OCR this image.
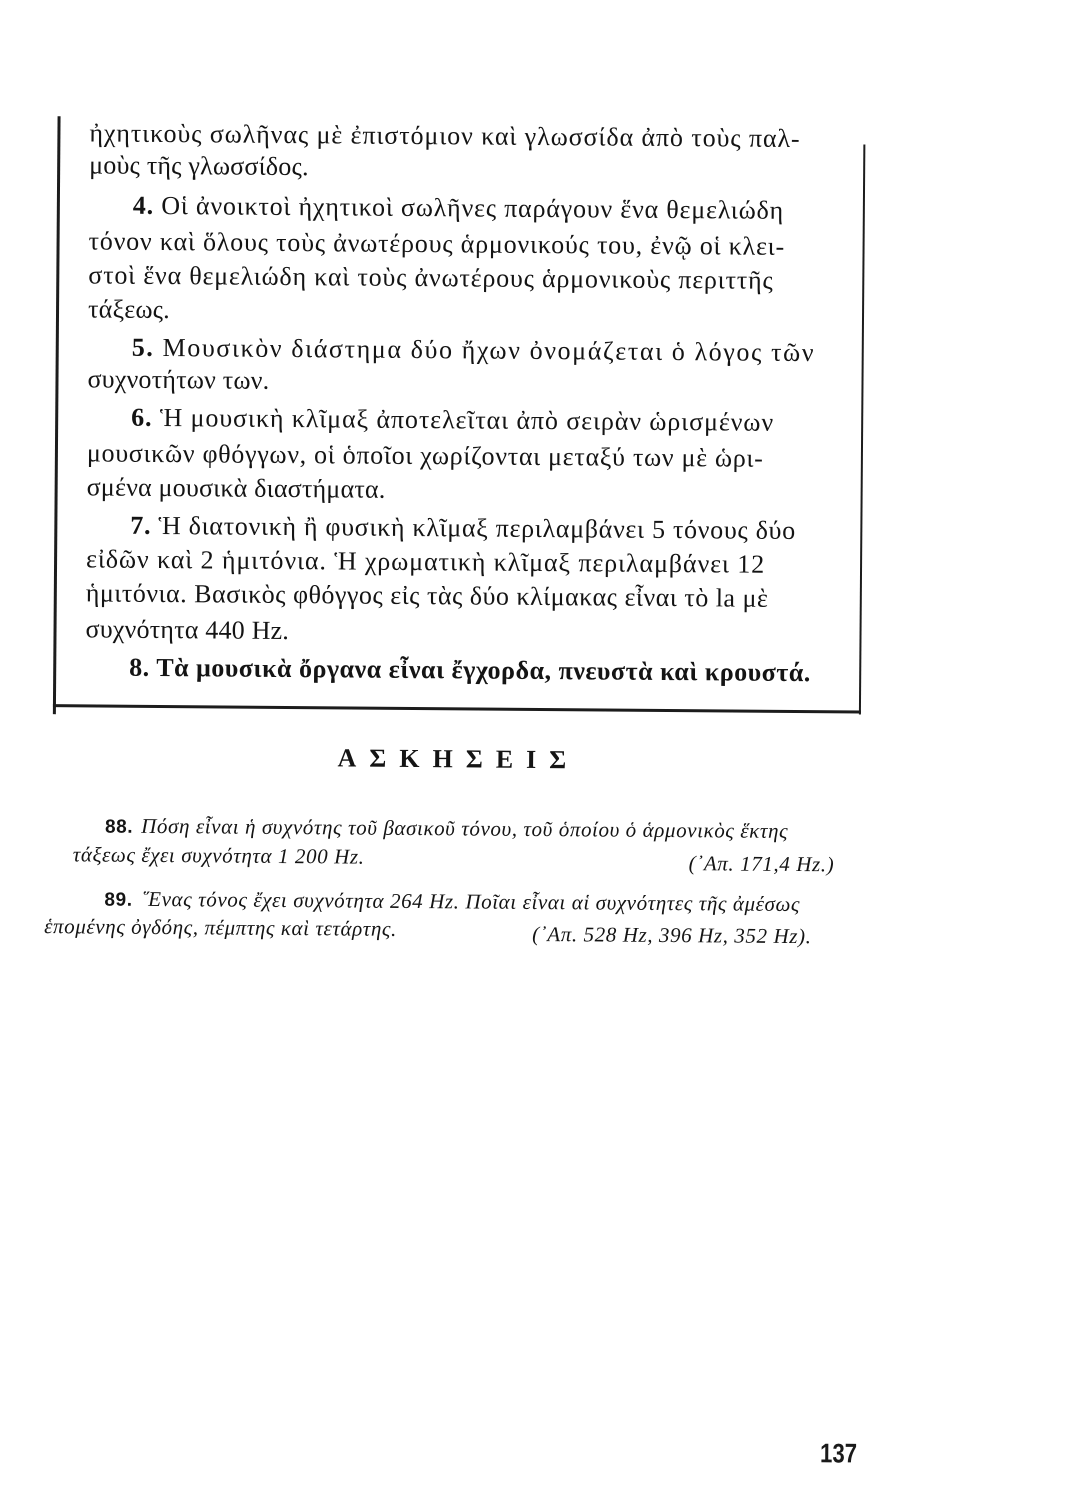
ἠχητικοὺς σωλῆνας μὲ ἐπιστόμιον καὶ γλωσσίδα ἀπὸ τοὺς παλ-
μοὺς τῆς γλωσσίδος.
4. Οἱ ἀνοικτοὶ ἠχητικοὶ σωλῆνες παράγουν ἕνα θεμελιώδη
τόνον καὶ ὅλους τοὺς ἀνωτέρους ἁρμονικούς του, ἐνῷ οἱ κλει-
στοὶ ἕνα θεμελιώδη καὶ τοὺς ἀνωτέρους ἁρμονικοὺς περιττῆς
τάξεως.
5. Μουσικὸν διάστημα δύο ἤχων ὀνομάζεται ὁ λόγος τῶν
συχνοτήτων των.
6. Ἡ μουσικὴ κλῖμαξ ἀποτελεῖται ἀπὸ σειρὰν ὡρισμένων
μουσικῶν φθόγγων, οἱ ὁποῖοι χωρίζονται μεταξύ των μὲ ὡρι-
σμένα μουσικὰ διαστήματα.
7. Ἡ διατονικὴ ἢ φυσικὴ κλῖμαξ περιλαμβάνει 5 τόνους δύο
εἰδῶν καὶ 2 ἡμιτόνια. Ἡ χρωματικὴ κλῖμαξ περιλαμβάνει 12
ἡμιτόνια. Βασικὸς φθόγγος εἰς τὰς δύο κλίμακας εἶναι τὸ la μὲ
συχνότητα 440 Hz.
8. Τὰ μουσικὰ ὄργανα εἶναι ἔγχορδα, πνευστὰ καὶ κρουστά.
ΑΣΚΗΣΕΙΣ
88. Πόση εἶναι ἡ συχνότης τοῦ βασικοῦ τόνου, τοῦ ὁποίου ὁ ἁρμονικὸς ἕκτης
τάξεως ἔχει συχνότητα 1 200 Hz.	(᾿Απ. 171,4 Hz.)
89. ῞Ενας τόνος ἔχει συχνότητα 264 Hz. Ποῖαι εἶναι αἱ συχνότητες τῆς ἀμέσως
ἑπομένης ὀγδόης, πέμπτης καὶ τετάρτης.	(᾿Απ. 528 Hz, 396 Hz, 352 Hz).
137
